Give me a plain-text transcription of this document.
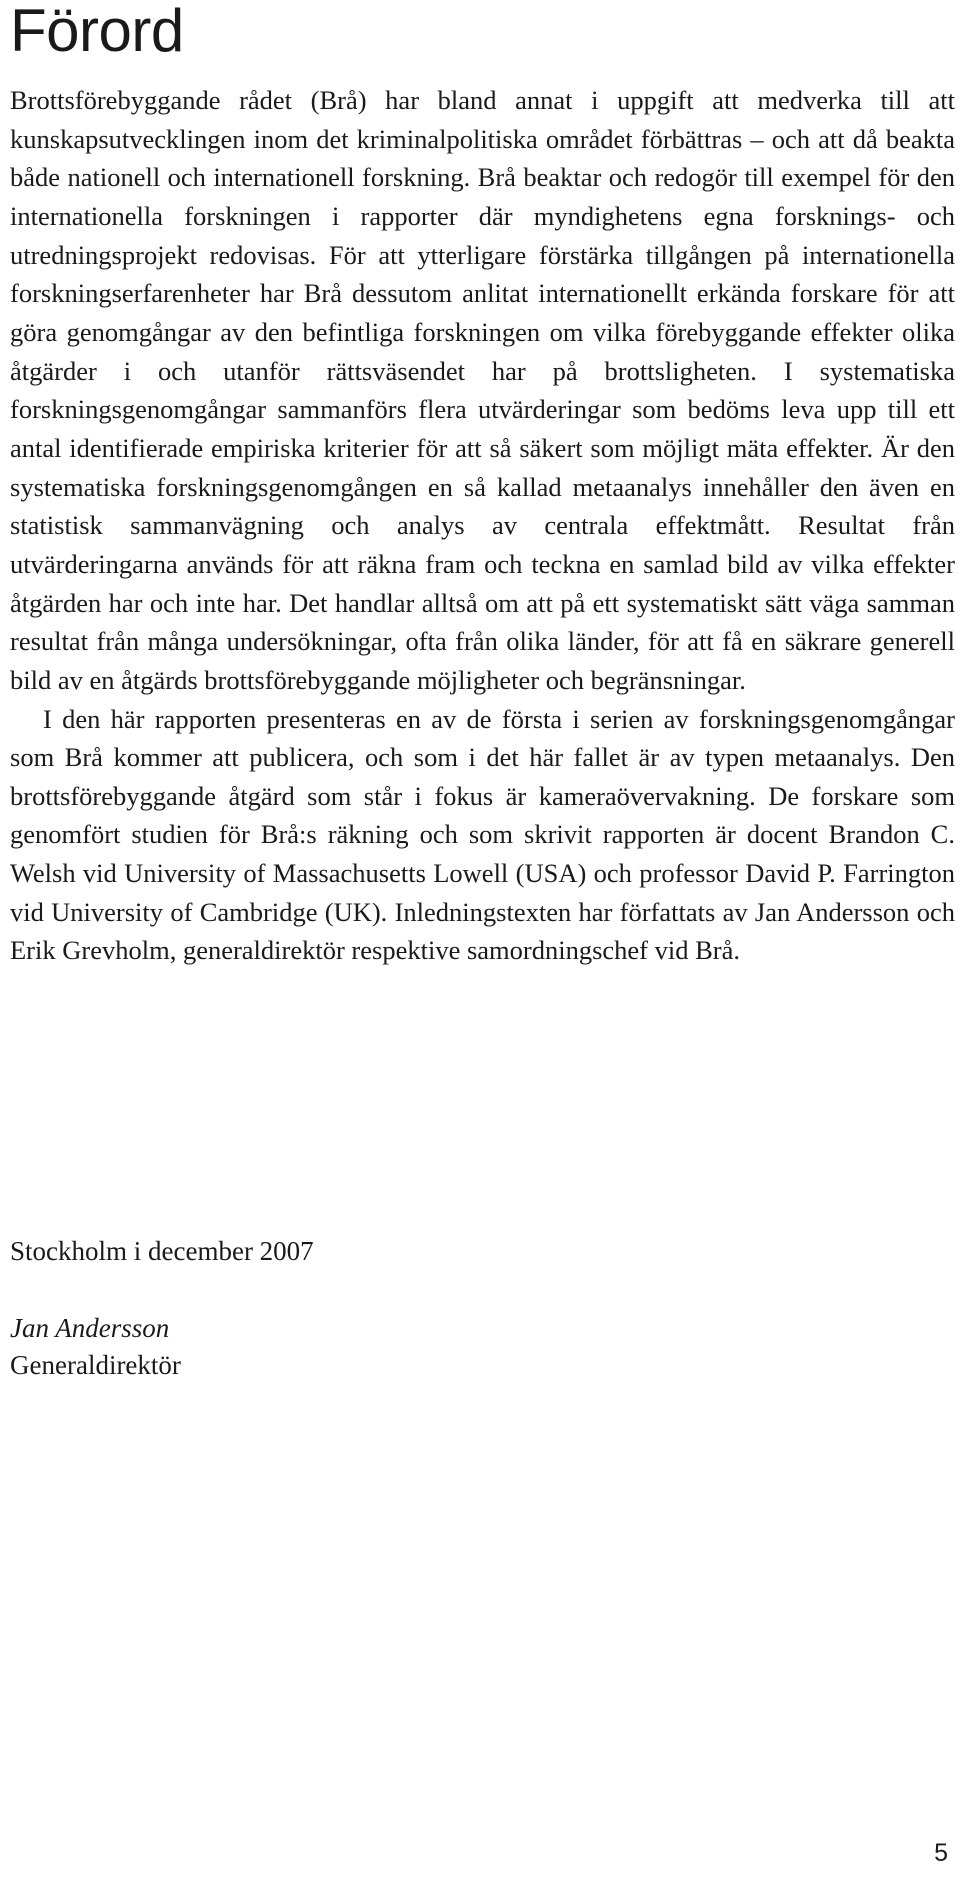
Förord

Brottsförebyggande rådet (Brå) har bland annat i uppgift att medverka till att kunskapsutvecklingen inom det kriminalpolitiska området förbättras – och att då beakta både nationell och internationell forskning. Brå beaktar och redogör till exempel för den internationella forskningen i rapporter där myndighetens egna forsknings- och utredningsprojekt redovisas. För att ytterligare förstärka tillgången på internationella forskningserfarenheter har Brå dessutom anlitat internationellt erkända forskare för att göra genomgångar av den befintliga forskningen om vilka förebyggande effekter olika åtgärder i och utanför rättsväsendet har på brottsligheten. I systematiska forskningsgenomgångar sammanförs flera utvärderingar som bedöms leva upp till ett antal identifierade empiriska kriterier för att så säkert som möjligt mäta effekter. Är den systematiska forskningsgenomgången en så kallad metaanalys innehåller den även en statistisk sammanvägning och analys av centrala effektmått. Resultat från utvärderingarna används för att räkna fram och teckna en samlad bild av vilka effekter åtgärden har och inte har. Det handlar alltså om att på ett systematiskt sätt väga samman resultat från många undersökningar, ofta från olika länder, för att få en säkrare generell bild av en åtgärds brottsförebyggande möjligheter och begränsningar.

I den här rapporten presenteras en av de första i serien av forskningsgenomgångar som Brå kommer att publicera, och som i det här fallet är av typen metaanalys. Den brottsförebyggande åtgärd som står i fokus är kameraövervakning. De forskare som genomfört studien för Brå:s räkning och som skrivit rapporten är docent Brandon C. Welsh vid University of Massachusetts Lowell (USA) och professor David P. Farrington vid University of Cambridge (UK). Inledningstexten har författats av Jan Andersson och Erik Grevholm, generaldirektör respektive samordningschef vid Brå.

Stockholm i december 2007

Jan Andersson

Generaldirektör

5
